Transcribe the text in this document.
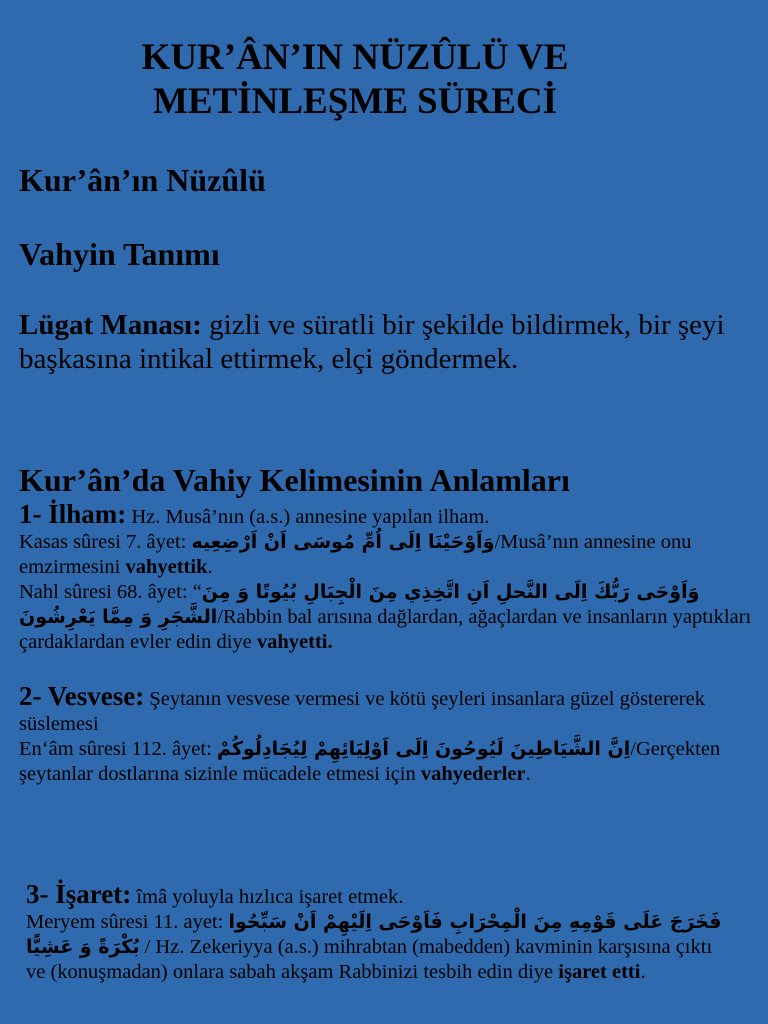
KUR’ÂN’IN NÜZÛLÜ VE
METİNLEŞME SÜRECİ
Kur’ân’ın Nüzûlü
Vahyin Tanımı
Lügat Manası: gizli ve süratli bir şekilde bildirmek, bir şeyi başkasına intikal ettirmek, elçi göndermek.
Kur’ân’da Vahiy Kelimesinin Anlamları
1- İlham: Hz. Musâ’nın (a.s.) annesine yapılan ilham.
Kasas sûresi 7. âyet: وَاَوْحَيْنَا اِلَى اُمِّ مُوسَى اَنْ اَرْضِعِيه/Musâ’nın annesine onu emzirmesini vahyettik.
Nahl sûresi 68. âyet: “وَاَوْحَى رَبُّكَ اِلَى النَّحلِ اَنِ اتَّخِذِي مِنَ الْجِبَالِ بُيُوتًا وَ مِنَ الشَّجَرِ وَ مِمَّا يَعْرِشُونَ/Rabbin bal arısına dağlardan, ağaçlardan ve insanların yaptıkları çardaklardan evler edin diye vahyetti.
2- Vesvese: Şeytanın vesvese vermesi ve kötü şeyleri insanlara güzel göstererek süslemesi
En‘âm sûresi 112. âyet: اِنَّ الشَّيَاطِينَ لَيُوحُونَ اِلَى اَوْلِيَائِهِمْ لِيُجَادِلُوكُمْ/Gerçekten şeytanlar dostlarına sizinle mücadele etmesi için vahyederler.
3- İşaret: îmâ yoluyla hızlıca işaret etmek.
Meryem sûresi 11. ayet: فَخَرَجَ عَلَى قَوْمِهِ مِنَ الْمِحْرَابِ فَاَوْحَى اِلَيْهِمْ اَنْ سَبِّحُوا بُكْرَةً وَ عَشِيًّا / Hz. Zekeriyya (a.s.) mihrabtan (mabedden) kavminin karşısına çıktı ve (konuşmadan) onlara sabah akşam Rabbinizi tesbih edin diye işaret etti.
